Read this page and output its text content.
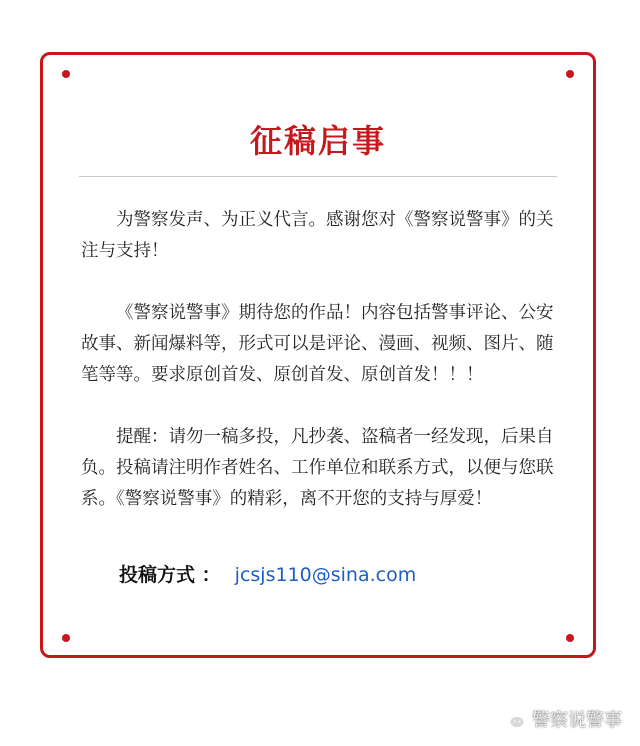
征稿启事

为警察发声、为正义代言。感谢您对《警察说警事》的关注与支持！

《警察说警事》期待您的作品！内容包括警事评论、公安故事、新闻爆料等，形式可以是评论、漫画、视频、图片、随笔等等。要求原创首发、原创首发、原创首发！！！

提醒：请勿一稿多投，凡抄袭、盗稿者一经发现，后果自负。投稿请注明作者姓名、工作单位和联系方式，以便与您联系。《警察说警事》的精彩，离不开您的支持与厚爱！

投稿方式 ： jcsjs110@sina.com
警察说警事
